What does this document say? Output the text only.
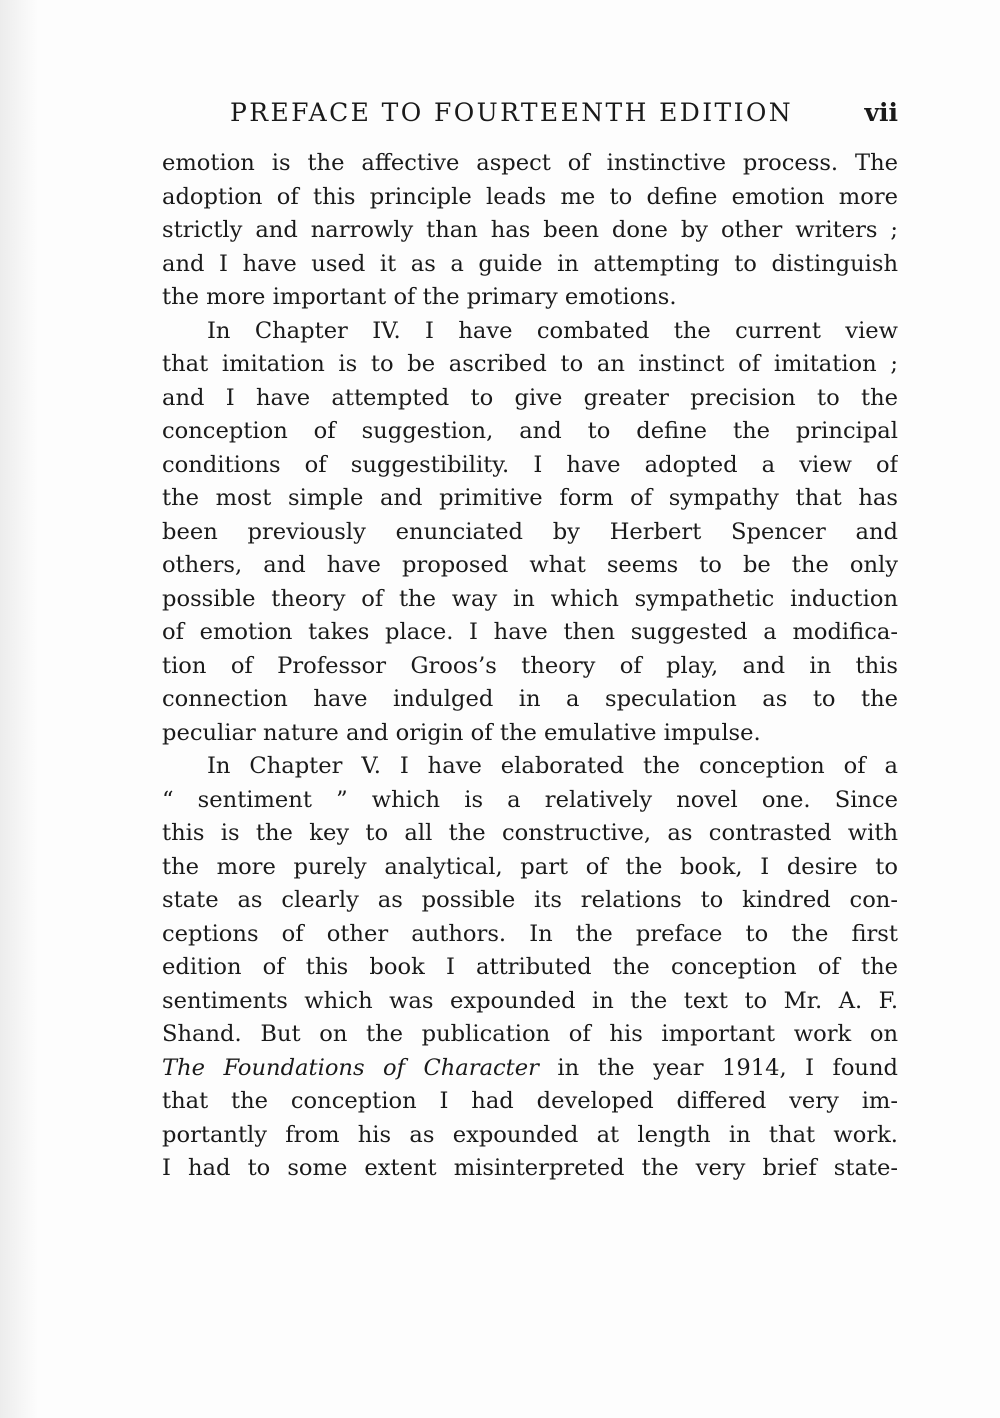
PREFACE TO FOURTEENTH EDITION	vii
emotion is the affective aspect of instinctive process. The
adoption of this principle leads me to define emotion more
strictly and narrowly than has been done by other writers ;
and I have used it as a guide in attempting to distinguish
the more important of the primary emotions.
In Chapter IV. I have combated the current view
that imitation is to be ascribed to an instinct of imitation ;
and I have attempted to give greater precision to the
conception of suggestion, and to define the principal
conditions of suggestibility. I have adopted a view of
the most simple and primitive form of sympathy that has
been previously enunciated by Herbert Spencer and
others, and have proposed what seems to be the only
possible theory of the way in which sympathetic induction
of emotion takes place. I have then suggested a modifica-
tion of Professor Groos’s theory of play, and in this
connection have indulged in a speculation as to the
peculiar nature and origin of the emulative impulse.
In Chapter V. I have elaborated the conception of a
“ sentiment ” which is a relatively novel one. Since
this is the key to all the constructive, as contrasted with
the more purely analytical, part of the book, I desire to
state as clearly as possible its relations to kindred con-
ceptions of other authors. In the preface to the first
edition of this book I attributed the conception of the
sentiments which was expounded in the text to Mr. A. F.
Shand. But on the publication of his important work on
The Foundations of Character in the year 1914, I found
that the conception I had developed differed very im-
portantly from his as expounded at length in that work.
I had to some extent misinterpreted the very brief state-
